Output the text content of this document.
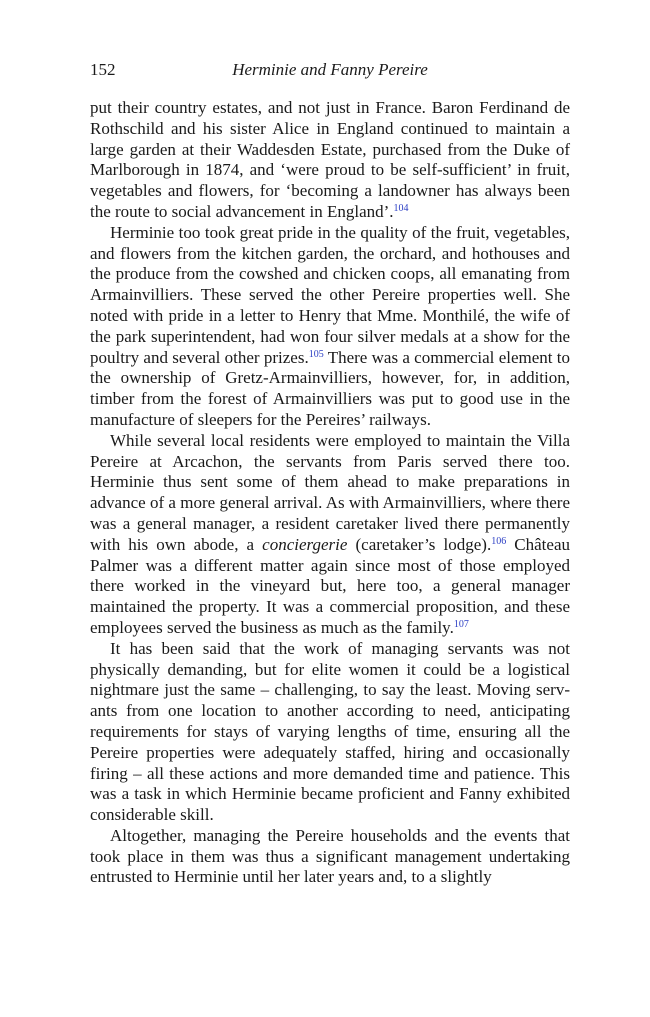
152	Herminie and Fanny Pereire

put their country estates, and not just in France. Baron Ferdinand de Rothschild and his sister Alice in England continued to maintain a large garden at their Waddesden Estate, purchased from the Duke of Marlborough in 1874, and ‘were proud to be self-sufficient’ in fruit, vegetables and flowers, for ‘becoming a landowner has always been the route to social advancement in England’.$^{104}$

Herminie too took great pride in the quality of the fruit, vegetables, and flowers from the kitchen garden, the orchard, and hothouses and the produce from the cowshed and chicken coops, all emanating from Armainvilliers. These served the other Pereire properties well. She noted with pride in a letter to Henry that Mme. Monthilé, the wife of the park superintendent, had won four silver medals at a show for the poultry and several other prizes.$^{105}$ There was a commercial element to the ownership of Gretz-Armainvilliers, however, for, in addition, timber from the forest of Armainvilliers was put to good use in the manufacture of sleepers for the Pereires’ railways.

While several local residents were employed to maintain the Villa Pereire at Arcachon, the servants from Paris served there too. Herminie thus sent some of them ahead to make preparations in advance of a more general arrival. As with Armainvilliers, where there was a general manager, a resident caretaker lived there permanently with his own abode, a conciergerie (caretaker’s lodge).$^{106}$ Château Palmer was a different matter again since most of those employed there worked in the vineyard but, here too, a general manager maintained the property. It was a commercial proposition, and these employees served the business as much as the family.$^{107}$

It has been said that the work of managing servants was not physically demanding, but for elite women it could be a logistical nightmare just the same – challenging, to say the least. Moving servants from one location to another according to need, anticipating requirements for stays of varying lengths of time, ensuring all the Pereire properties were adequately staffed, hiring and occasionally firing – all these actions and more demanded time and patience. This was a task in which Herminie became proficient and Fanny exhibited considerable skill.

Altogether, managing the Pereire households and the events that took place in them was thus a significant management undertaking entrusted to Herminie until her later years and, to a slightly
